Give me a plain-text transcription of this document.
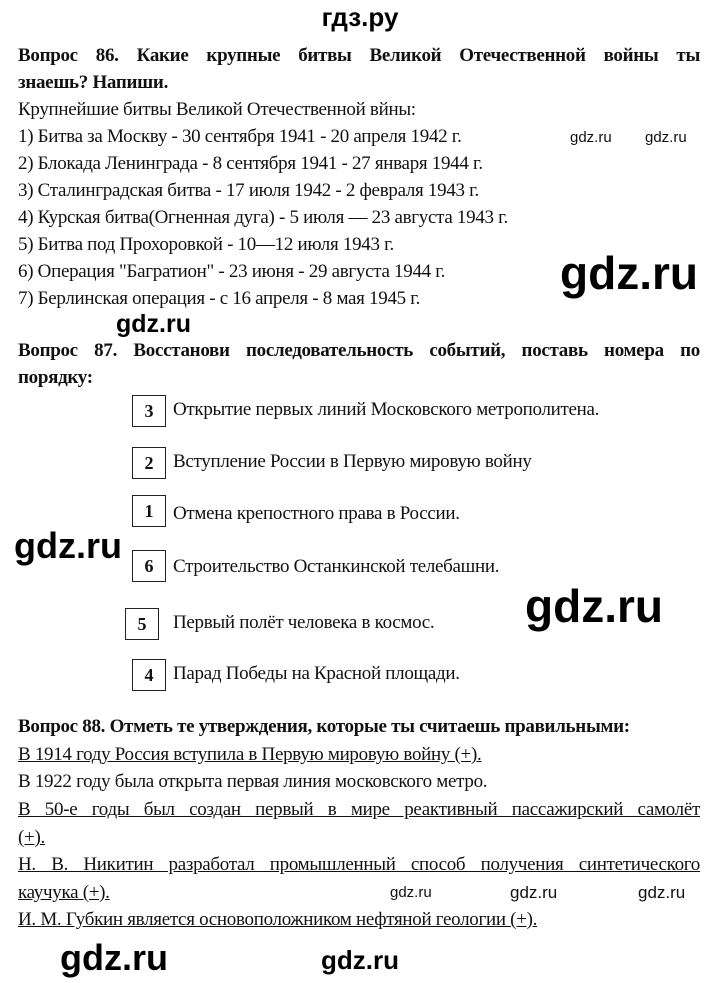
гдз.ру
Вопрос 86. Какие крупные битвы Великой Отечественной войны ты
знаешь? Напиши.
Крупнейшие битвы Великой Отечественной вйны:
1) Битва за Москву - 30 сентября 1941 - 20 апреля 1942 г.
2) Блокада Ленинграда - 8 сентября 1941 - 27 января 1944 г.
3) Сталинградская битва - 17 июля 1942 - 2 февраля 1943 г.
4) Курская битва(Огненная дуга) - 5 июля — 23 августа 1943 г.
5) Битва под Прохоровкой - 10—12 июля 1943 г.
6) Операция "Багратион" - 23 июня - 29 августа 1944 г.
7) Берлинская операция - с 16 апреля - 8 мая 1945 г.
gdz.ru gdz.ru
gdz.ru
gdz.ru
Вопрос 87. Восстанови последовательность событий, поставь номера по
порядку:
3	Открытие первых линий Московского метрополитена.
2	Вступление России в Первую мировую войну
1	Отмена крепостного права в России.
6	Строительство Останкинской телебашни.
5	Первый полёт человека в космос.
4	Парад Победы на Красной площади.
gdz.ru
gdz.ru
Вопрос 88. Отметь те утверждения, которые ты считаешь правильными:
В 1914 году Россия вступила в Первую мировую войну (+).
В 1922 году была открыта первая линия московского метро.
В 50-е годы был создан первый в мире реактивный пассажирский самолёт
(+).
Н. В. Никитин разработал промышленный способ получения синтетического
каучука (+).
И. М. Губкин является основоположником нефтяной геологии (+).
gdz.ru
gdz.ru	gdz.ru	gdz.ru
gdz.ru
